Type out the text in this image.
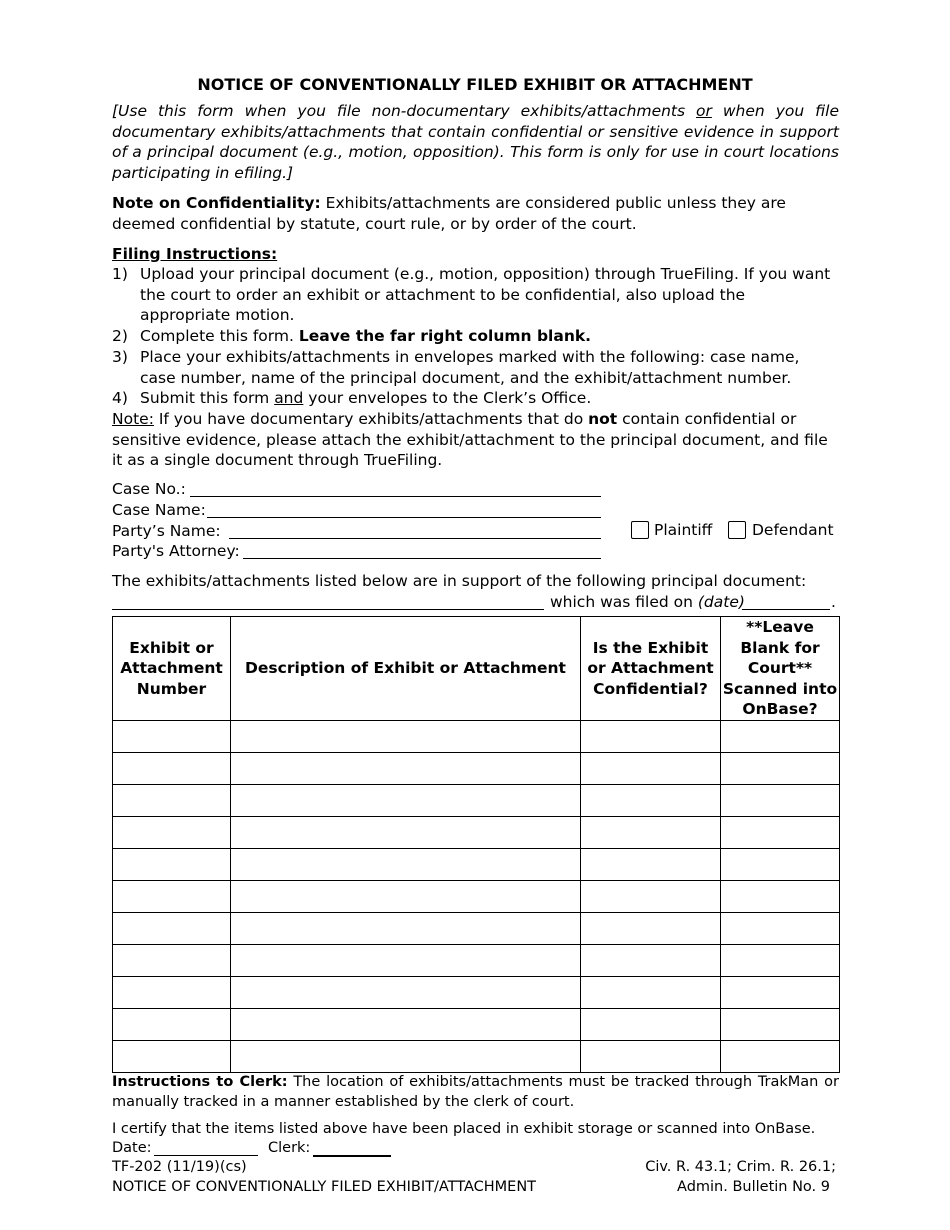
NOTICE OF CONVENTIONALLY FILED EXHIBIT OR ATTACHMENT
[Use this form when you file non-documentary exhibits/attachments or when you file documentary exhibits/attachments that contain confidential or sensitive evidence in support of a principal document (e.g., motion, opposition). This form is only for use in court locations participating in efiling.]
Note on Confidentiality: Exhibits/attachments are considered public unless they are deemed confidential by statute, court rule, or by order of the court.
Filing Instructions:
1) Upload your principal document (e.g., motion, opposition) through TrueFiling. If you want the court to order an exhibit or attachment to be confidential, also upload the appropriate motion.
2) Complete this form. Leave the far right column blank.
3) Place your exhibits/attachments in envelopes marked with the following: case name, case number, name of the principal document, and the exhibit/attachment number.
4) Submit this form and your envelopes to the Clerk’s Office.
Note: If you have documentary exhibits/attachments that do not contain confidential or sensitive evidence, please attach the exhibit/attachment to the principal document, and file it as a single document through TrueFiling.
Case No.:
Case Name:
Party’s Name:
Party's Attorney:
Plaintiff	Defendant
The exhibits/attachments listed below are in support of the following principal document:
which was filed on (date)	.
Exhibit or Attachment Number	Description of Exhibit or Attachment	Is the Exhibit or Attachment Confidential?	**Leave Blank for Court**
Scanned into OnBase?

Instructions to Clerk: The location of exhibits/attachments must be tracked through TrakMan or manually tracked in a manner established by the clerk of court.
I certify that the items listed above have been placed in exhibit storage or scanned into OnBase.
Date:	Clerk:
TF-202 (11/19)(cs)
NOTICE OF CONVENTIONALLY FILED EXHIBIT/ATTACHMENT
Civ. R. 43.1; Crim. R. 26.1;
Admin. Bulletin No. 9
